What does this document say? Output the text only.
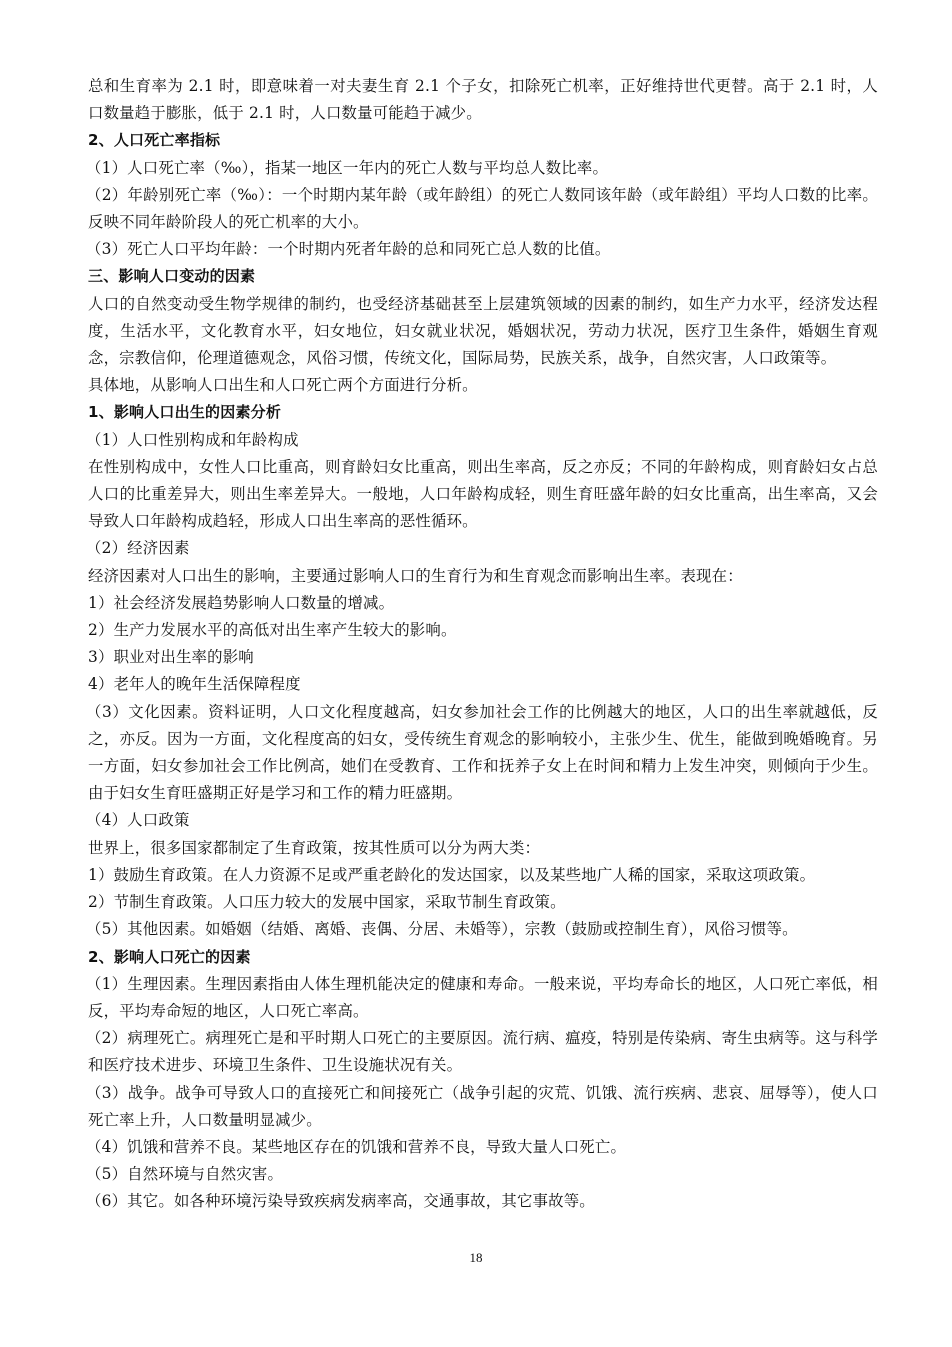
总和生育率为 2.1 时，即意味着一对夫妻生育 2.1 个子女，扣除死亡机率，正好维持世代更替。高于 2.1 时，人口数量趋于膨胀，低于 2.1 时，人口数量可能趋于减少。

2、人口死亡率指标

（1）人口死亡率（‰），指某一地区一年内的死亡人数与平均总人数比率。

（2）年龄别死亡率（‰）：一个时期内某年龄（或年龄组）的死亡人数同该年龄（或年龄组）平均人口数的比率。反映不同年龄阶段人的死亡机率的大小。

（3）死亡人口平均年龄：一个时期内死者年龄的总和同死亡总人数的比值。

三、影响人口变动的因素

人口的自然变动受生物学规律的制约，也受经济基础甚至上层建筑领域的因素的制约，如生产力水平，经济发达程度，生活水平，文化教育水平，妇女地位，妇女就业状况，婚姻状况，劳动力状况，医疗卫生条件，婚姻生育观念，宗教信仰，伦理道德观念，风俗习惯，传统文化，国际局势，民族关系，战争，自然灾害，人口政策等。

具体地，从影响人口出生和人口死亡两个方面进行分析。

1、影响人口出生的因素分析

（1）人口性别构成和年龄构成

在性别构成中，女性人口比重高，则育龄妇女比重高，则出生率高，反之亦反；不同的年龄构成，则育龄妇女占总人口的比重差异大，则出生率差异大。一般地，人口年龄构成轻，则生育旺盛年龄的妇女比重高，出生率高，又会导致人口年龄构成趋轻，形成人口出生率高的恶性循环。

（2）经济因素

经济因素对人口出生的影响，主要通过影响人口的生育行为和生育观念而影响出生率。表现在：

1）社会经济发展趋势影响人口数量的增减。

2）生产力发展水平的高低对出生率产生较大的影响。

3）职业对出生率的影响

4）老年人的晚年生活保障程度

（3）文化因素。资料证明，人口文化程度越高，妇女参加社会工作的比例越大的地区，人口的出生率就越低，反之，亦反。因为一方面，文化程度高的妇女，受传统生育观念的影响较小，主张少生、优生，能做到晚婚晚育。另一方面，妇女参加社会工作比例高，她们在受教育、工作和抚养子女上在时间和精力上发生冲突，则倾向于少生。由于妇女生育旺盛期正好是学习和工作的精力旺盛期。

（4）人口政策

世界上，很多国家都制定了生育政策，按其性质可以分为两大类：

1）鼓励生育政策。在人力资源不足或严重老龄化的发达国家，以及某些地广人稀的国家，采取这项政策。

2）节制生育政策。人口压力较大的发展中国家，采取节制生育政策。

（5）其他因素。如婚姻（结婚、离婚、丧偶、分居、未婚等），宗教（鼓励或控制生育），风俗习惯等。

2、影响人口死亡的因素

（1）生理因素。生理因素指由人体生理机能决定的健康和寿命。一般来说，平均寿命长的地区，人口死亡率低，相反，平均寿命短的地区，人口死亡率高。

（2）病理死亡。病理死亡是和平时期人口死亡的主要原因。流行病、瘟疫，特别是传染病、寄生虫病等。这与科学和医疗技术进步、环境卫生条件、卫生设施状况有关。

（3）战争。战争可导致人口的直接死亡和间接死亡（战争引起的灾荒、饥饿、流行疾病、悲哀、屈辱等），使人口死亡率上升，人口数量明显减少。

（4）饥饿和营养不良。某些地区存在的饥饿和营养不良，导致大量人口死亡。

（5）自然环境与自然灾害。

（6）其它。如各种环境污染导致疾病发病率高，交通事故，其它事故等。

18
